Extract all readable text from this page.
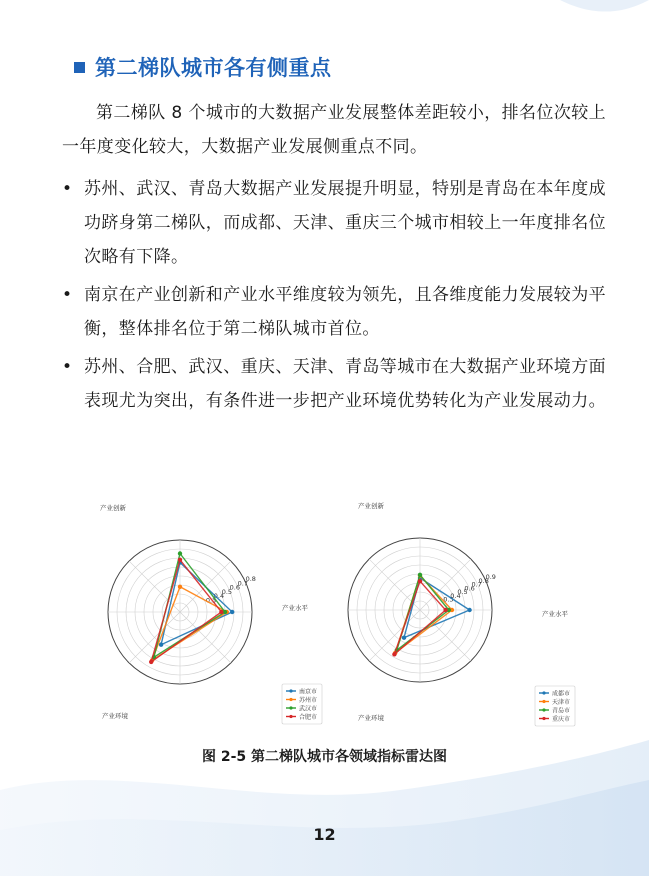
第二梯队城市各有侧重点
第二梯队 8 个城市的大数据产业发展整体差距较小，排名位次较上一年度变化较大，大数据产业发展侧重点不同。
• 苏州、武汉、青岛大数据产业发展提升明显，特别是青岛在本年度成功跻身第二梯队，而成都、天津、重庆三个城市相较上一年度排名位次略有下降。
• 南京在产业创新和产业水平维度较为领先，且各维度能力发展较为平衡，整体排名位于第二梯队城市首位。
• 苏州、合肥、武汉、重庆、天津、青岛等城市在大数据产业环境方面表现尤为突出，有条件进一步把产业环境优势转化为产业发展动力。
0.3
0.4
0.5
0.6
0.7
0.8
产业创新
产业水平
产业环境
南京市
苏州市
武汉市
合肥市
0.3
0.4
0.5
0.6
0.7
0.8
0.9
产业创新
产业水平
产业环境
成都市
天津市
青岛市
重庆市
图 2-5 第二梯队城市各领域指标雷达图
12
